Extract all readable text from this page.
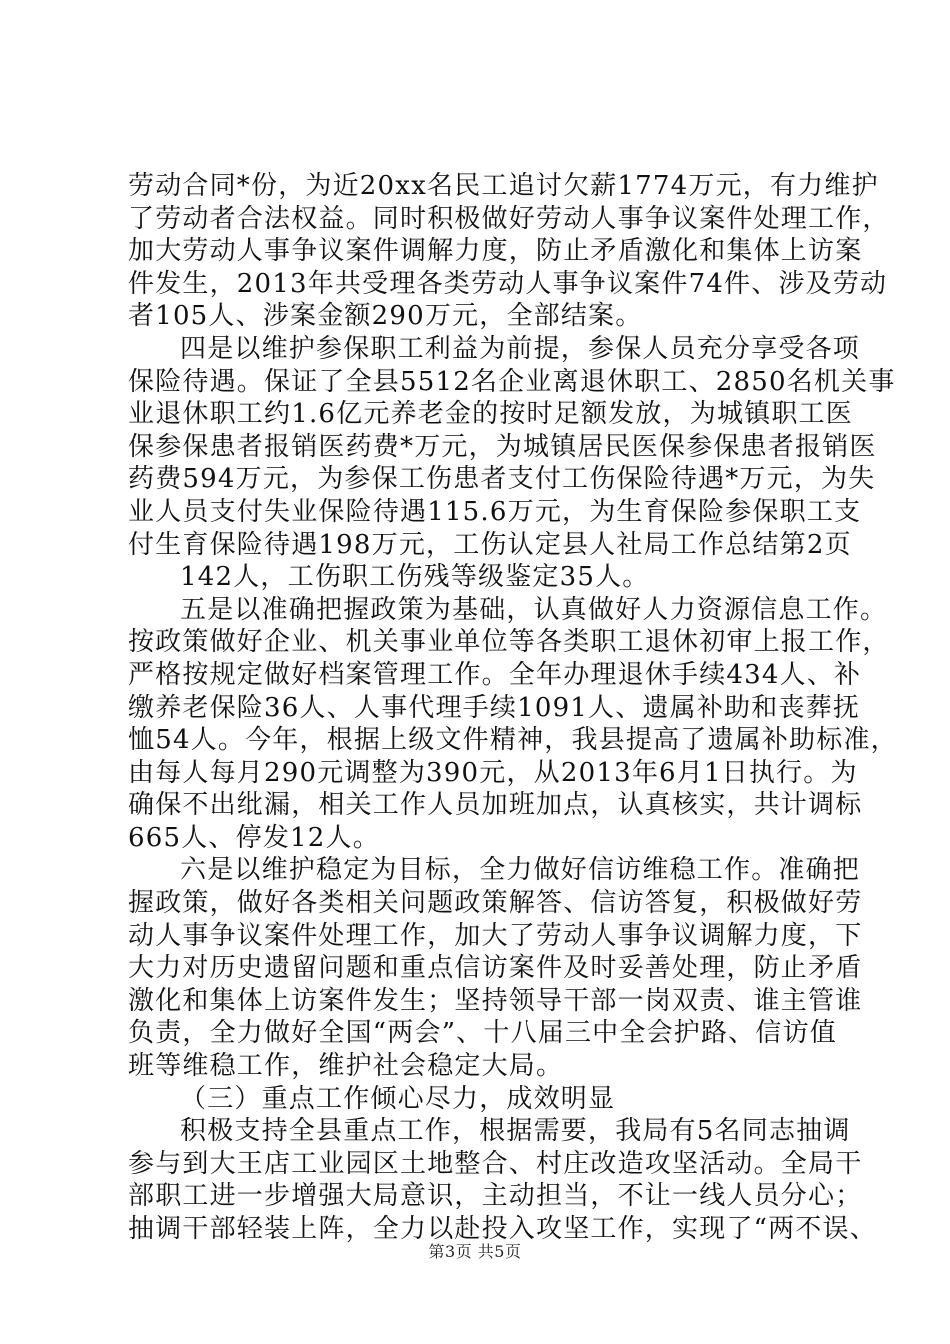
劳动合同*份，为近20xx名民工追讨欠薪1774万元，有力维护
了劳动者合法权益。同时积极做好劳动人事争议案件处理工作，
加大劳动人事争议案件调解力度，防止矛盾激化和集体上访案
件发生，2013年共受理各类劳动人事争议案件74件、涉及劳动
者105人、涉案金额290万元，全部结案。
四是以维护参保职工利益为前提，参保人员充分享受各项
保险待遇。保证了全县5512名企业离退休职工、2850名机关事
业退休职工约1.6亿元养老金的按时足额发放，为城镇职工医
保参保患者报销医药费*万元，为城镇居民医保参保患者报销医
药费594万元，为参保工伤患者支付工伤保险待遇*万元，为失
业人员支付失业保险待遇115.6万元，为生育保险参保职工支
付生育保险待遇198万元，工伤认定县人社局工作总结第2页
142人，工伤职工伤残等级鉴定35人。
五是以准确把握政策为基础，认真做好人力资源信息工作。
按政策做好企业、机关事业单位等各类职工退休初审上报工作，
严格按规定做好档案管理工作。全年办理退休手续434人、补
缴养老保险36人、人事代理手续1091人、遗属补助和丧葬抚
恤54人。今年，根据上级文件精神，我县提高了遗属补助标准，
由每人每月290元调整为390元，从2013年6月1日执行。为
确保不出纰漏，相关工作人员加班加点，认真核实，共计调标
665人、停发12人。
六是以维护稳定为目标，全力做好信访维稳工作。准确把
握政策，做好各类相关问题政策解答、信访答复，积极做好劳
动人事争议案件处理工作，加大了劳动人事争议调解力度，下
大力对历史遗留问题和重点信访案件及时妥善处理，防止矛盾
激化和集体上访案件发生；坚持领导干部一岗双责、谁主管谁
负责，全力做好全国“两会”、十八届三中全会护路、信访值
班等维稳工作，维护社会稳定大局。
（三）重点工作倾心尽力，成效明显
积极支持全县重点工作，根据需要，我局有5名同志抽调
参与到大王店工业园区土地整合、村庄改造攻坚活动。全局干
部职工进一步增强大局意识，主动担当，不让一线人员分心；
抽调干部轻装上阵，全力以赴投入攻坚工作，实现了“两不误、
第3页 共5页
